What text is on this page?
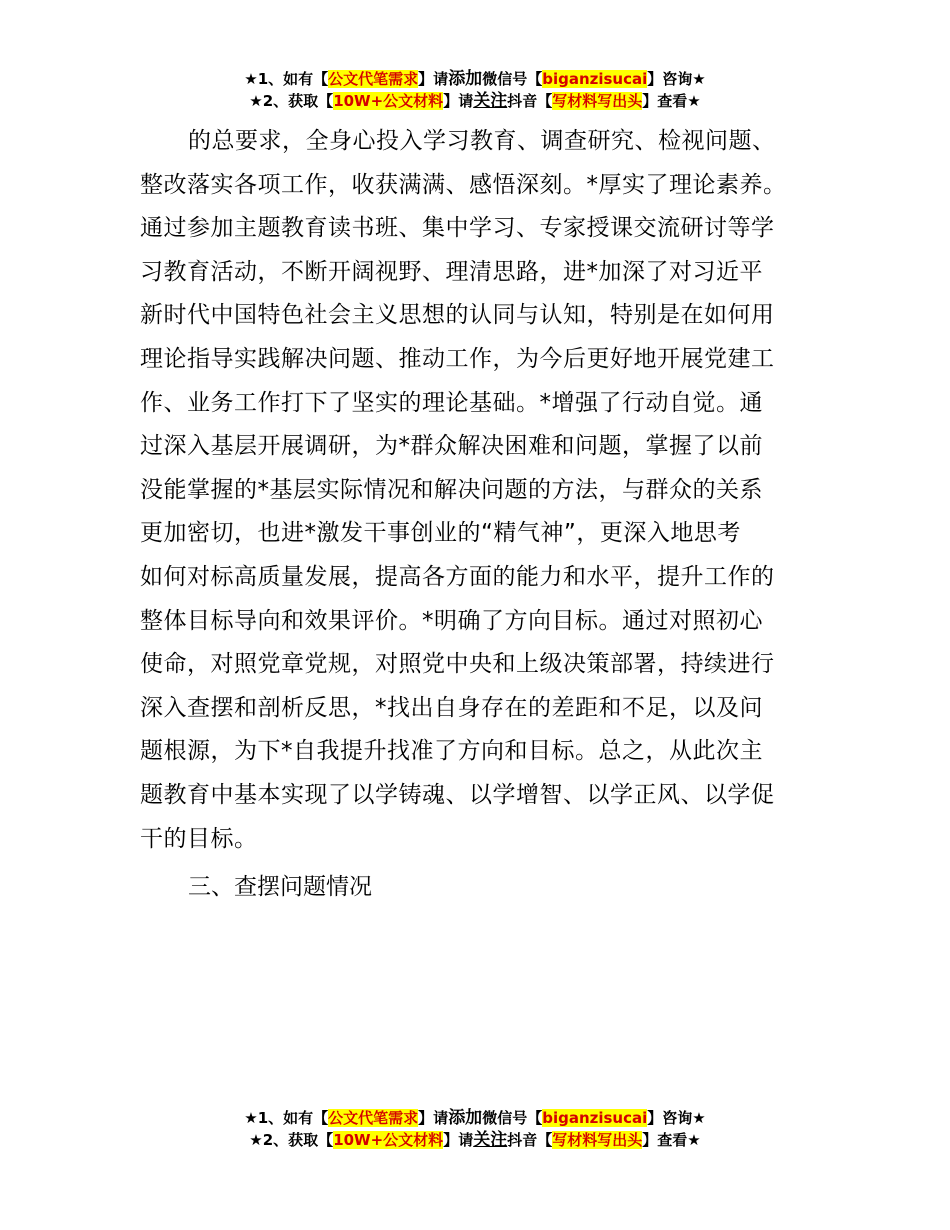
★1、如有【公文代笔需求】请添加微信号【biganzisucai】咨询★
★2、获取【10W+公文材料】请关注抖音【写材料写出头】查看★

的总要求，全身心投入学习教育、调查研究、检视问题、
整改落实各项工作，收获满满、感悟深刻。*厚实了理论素养。
通过参加主题教育读书班、集中学习、专家授课交流研讨等学
习教育活动，不断开阔视野、理清思路，进*加深了对习近平
新时代中国特色社会主义思想的认同与认知，特别是在如何用
理论指导实践解决问题、推动工作，为今后更好地开展党建工
作、业务工作打下了坚实的理论基础。*增强了行动自觉。通
过深入基层开展调研，为*群众解决困难和问题，掌握了以前
没能掌握的*基层实际情况和解决问题的方法，与群众的关系
更加密切，也进*激发干事创业的“精气神”，更深入地思考
如何对标高质量发展，提高各方面的能力和水平，提升工作的
整体目标导向和效果评价。*明确了方向目标。通过对照初心
使命，对照党章党规，对照党中央和上级决策部署，持续进行
深入查摆和剖析反思，*找出自身存在的差距和不足，以及问
题根源，为下*自我提升找准了方向和目标。总之，从此次主
题教育中基本实现了以学铸魂、以学增智、以学正风、以学促
干的目标。

三、查摆问题情况
★1、如有【公文代笔需求】请添加微信号【biganzisucai】咨询★
★2、获取【10W+公文材料】请关注抖音【写材料写出头】查看★
